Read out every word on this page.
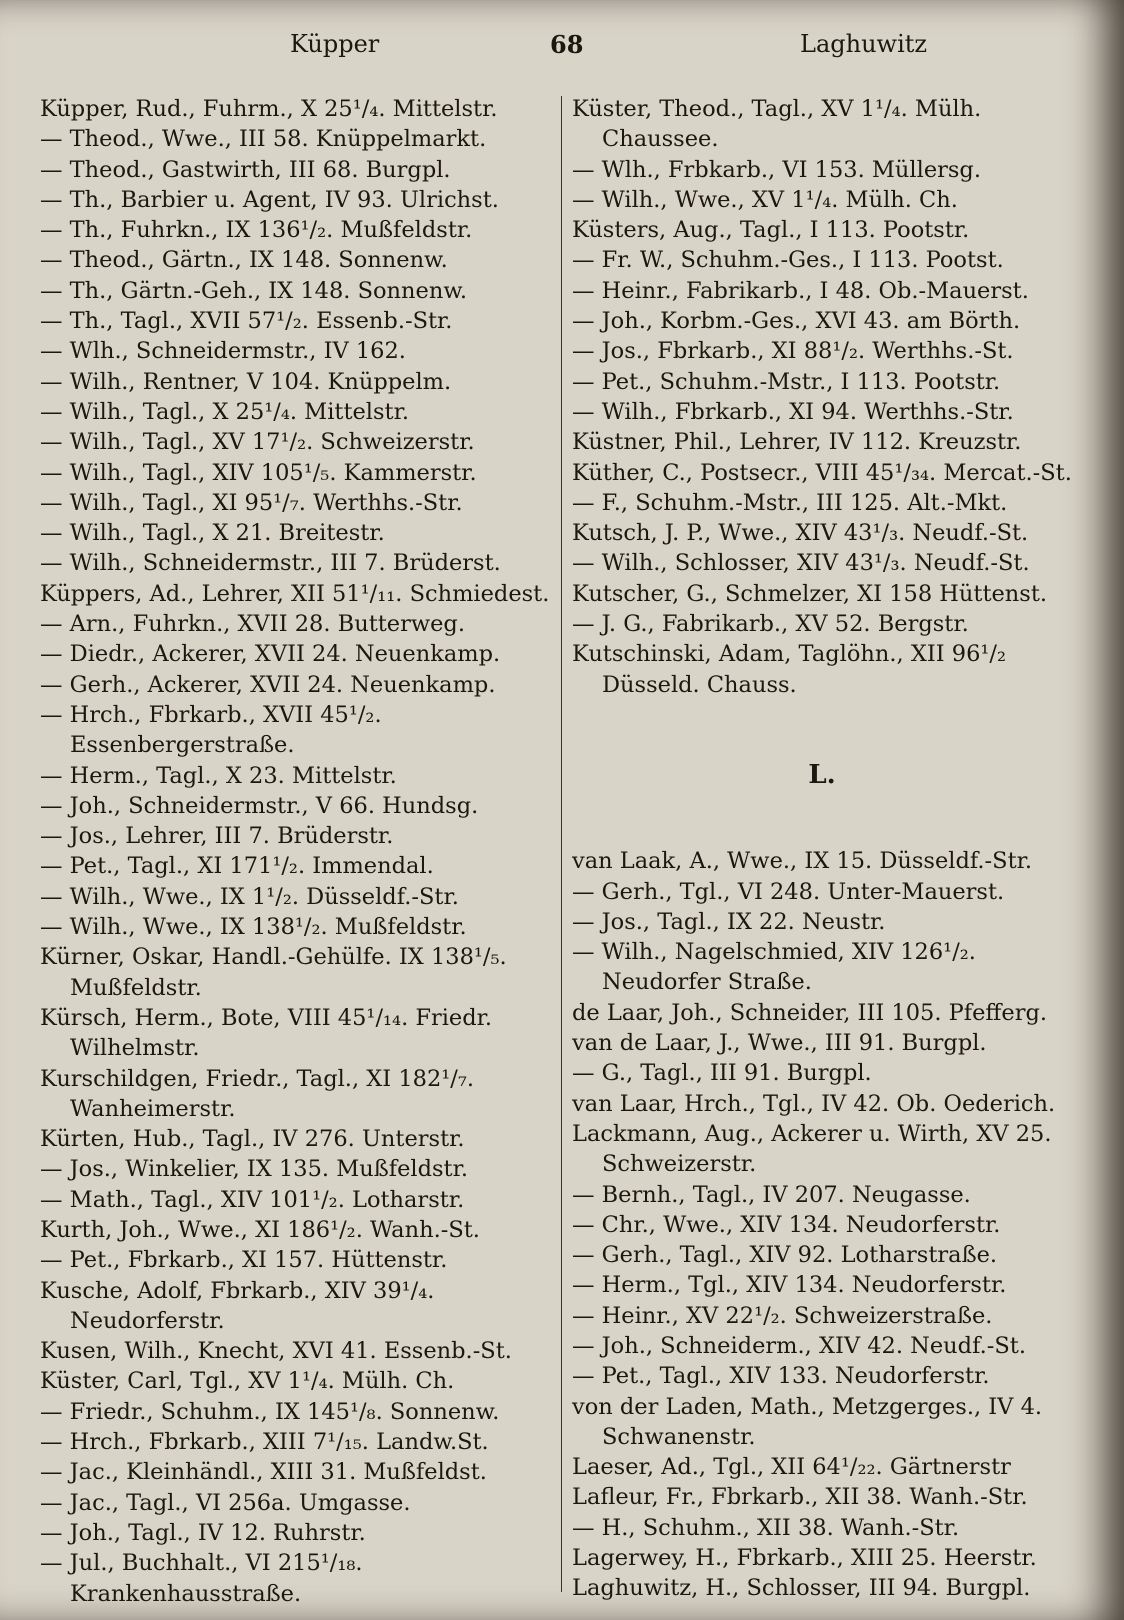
Küpper	68	Laghuwitz

Küpper, Rud., Fuhrm., X 25¹/₄. Mittelstr.

— Theod., Wwe., III 58. Knüppelmarkt.

— Theod., Gastwirth, III 68. Burgpl.

— Th., Barbier u. Agent, IV 93. Ulrichst.

— Th., Fuhrkn., IX 136¹/₂. Mußfeldstr.

— Theod., Gärtn., IX 148. Sonnenw.

— Th., Gärtn.-Geh., IX 148. Sonnenw.

— Th., Tagl., XVII 57¹/₂. Essenb.-Str.

— Wlh., Schneidermstr., IV 162.

— Wilh., Rentner, V 104. Knüppelm.

— Wilh., Tagl., X 25¹/₄. Mittelstr.

— Wilh., Tagl., XV 17¹/₂. Schweizerstr.

— Wilh., Tagl., XIV 105¹/₅. Kammerstr.

— Wilh., Tagl., XI 95¹/₇. Werthhs.-Str.

— Wilh., Tagl., X 21. Breitestr.

— Wilh., Schneidermstr., III 7. Brüderst.

Küppers, Ad., Lehrer, XII 51¹/₁₁. Schmiedest.

— Arn., Fuhrkn., XVII 28. Butterweg.

— Diedr., Ackerer, XVII 24. Neuenkamp.

— Gerh., Ackerer, XVII 24. Neuenkamp.

— Hrch., Fbrkarb., XVII 45¹/₂. Essenbergerstraße.

— Herm., Tagl., X 23. Mittelstr.

— Joh., Schneidermstr., V 66. Hundsg.

— Jos., Lehrer, III 7. Brüderstr.

— Pet., Tagl., XI 171¹/₂. Immendal.

— Wilh., Wwe., IX 1¹/₂. Düsseldf.-Str.

— Wilh., Wwe., IX 138¹/₂. Mußfeldstr.

Kürner, Oskar, Handl.-Gehülfe. IX 138¹/₅. Mußfeldstr.

Kürsch, Herm., Bote, VIII 45¹/₁₄. Friedr. Wilhelmstr.

Kurschildgen, Friedr., Tagl., XI 182¹/₇. Wanheimerstr.

Kürten, Hub., Tagl., IV 276. Unterstr.

— Jos., Winkelier, IX 135. Mußfeldstr.

— Math., Tagl., XIV 101¹/₂. Lotharstr.

Kurth, Joh., Wwe., XI 186¹/₂. Wanh.-St.

— Pet., Fbrkarb., XI 157. Hüttenstr.

Kusche, Adolf, Fbrkarb., XIV 39¹/₄. Neudorferstr.

Kusen, Wilh., Knecht, XVI 41. Essenb.-St.

Küster, Carl, Tgl., XV 1¹/₄. Mülh. Ch.

— Friedr., Schuhm., IX 145¹/₈. Sonnenw.

— Hrch., Fbrkarb., XIII 7¹/₁₅. Landw.St.

— Jac., Kleinhändl., XIII 31. Mußfeldst.

— Jac., Tagl., VI 256a. Umgasse.

— Joh., Tagl., IV 12. Ruhrstr.

— Jul., Buchhalt., VI 215¹/₁₈. Krankenhausstraße.

Küster, Theod., Tagl., XV 1¹/₄. Mülh. Chaussee.

— Wlh., Frbkarb., VI 153. Müllersg.

— Wilh., Wwe., XV 1¹/₄. Mülh. Ch.

Küsters, Aug., Tagl., I 113. Pootstr.

— Fr. W., Schuhm.-Ges., I 113. Pootst.

— Heinr., Fabrikarb., I 48. Ob.-Mauerst.

— Joh., Korbm.-Ges., XVI 43. am Börth.

— Jos., Fbrkarb., XI 88¹/₂. Werthhs.-St.

— Pet., Schuhm.-Mstr., I 113. Pootstr.

— Wilh., Fbrkarb., XI 94. Werthhs.-Str.

Küstner, Phil., Lehrer, IV 112. Kreuzstr.

Küther, C., Postsecr., VIII 45¹/₃₄. Mercat.-St.

— F., Schuhm.-Mstr., III 125. Alt.-Mkt.

Kutsch, J. P., Wwe., XIV 43¹/₃. Neudf.-St.

— Wilh., Schlosser, XIV 43¹/₃. Neudf.-St.

Kutscher, G., Schmelzer, XI 158 Hüttenst.

— J. G., Fabrikarb., XV 52. Bergstr.

Kutschinski, Adam, Taglöhn., XII 96¹/₂ Düsseld. Chauss.

L.

van Laak, A., Wwe., IX 15. Düsseldf.-Str.

— Gerh., Tgl., VI 248. Unter-Mauerst.

— Jos., Tagl., IX 22. Neustr.

— Wilh., Nagelschmied, XIV 126¹/₂. Neudorfer Straße.

de Laar, Joh., Schneider, III 105. Pfefferg.

van de Laar, J., Wwe., III 91. Burgpl.

— G., Tagl., III 91. Burgpl.

van Laar, Hrch., Tgl., IV 42. Ob. Oederich.

Lackmann, Aug., Ackerer u. Wirth, XV 25. Schweizerstr.

— Bernh., Tagl., IV 207. Neugasse.

— Chr., Wwe., XIV 134. Neudorferstr.

— Gerh., Tagl., XIV 92. Lotharstraße.

— Herm., Tgl., XIV 134. Neudorferstr.

— Heinr., XV 22¹/₂. Schweizerstraße.

— Joh., Schneiderm., XIV 42. Neudf.-St.

— Pet., Tagl., XIV 133. Neudorferstr.

von der Laden, Math., Metzgerges., IV 4. Schwanenstr.

Laeser, Ad., Tgl., XII 64¹/₂₂. Gärtnerstr

Lafleur, Fr., Fbrkarb., XII 38. Wanh.-Str.

— H., Schuhm., XII 38. Wanh.-Str.

Lagerwey, H., Fbrkarb., XIII 25. Heerstr.

Laghuwitz, H., Schlosser, III 94. Burgpl.
